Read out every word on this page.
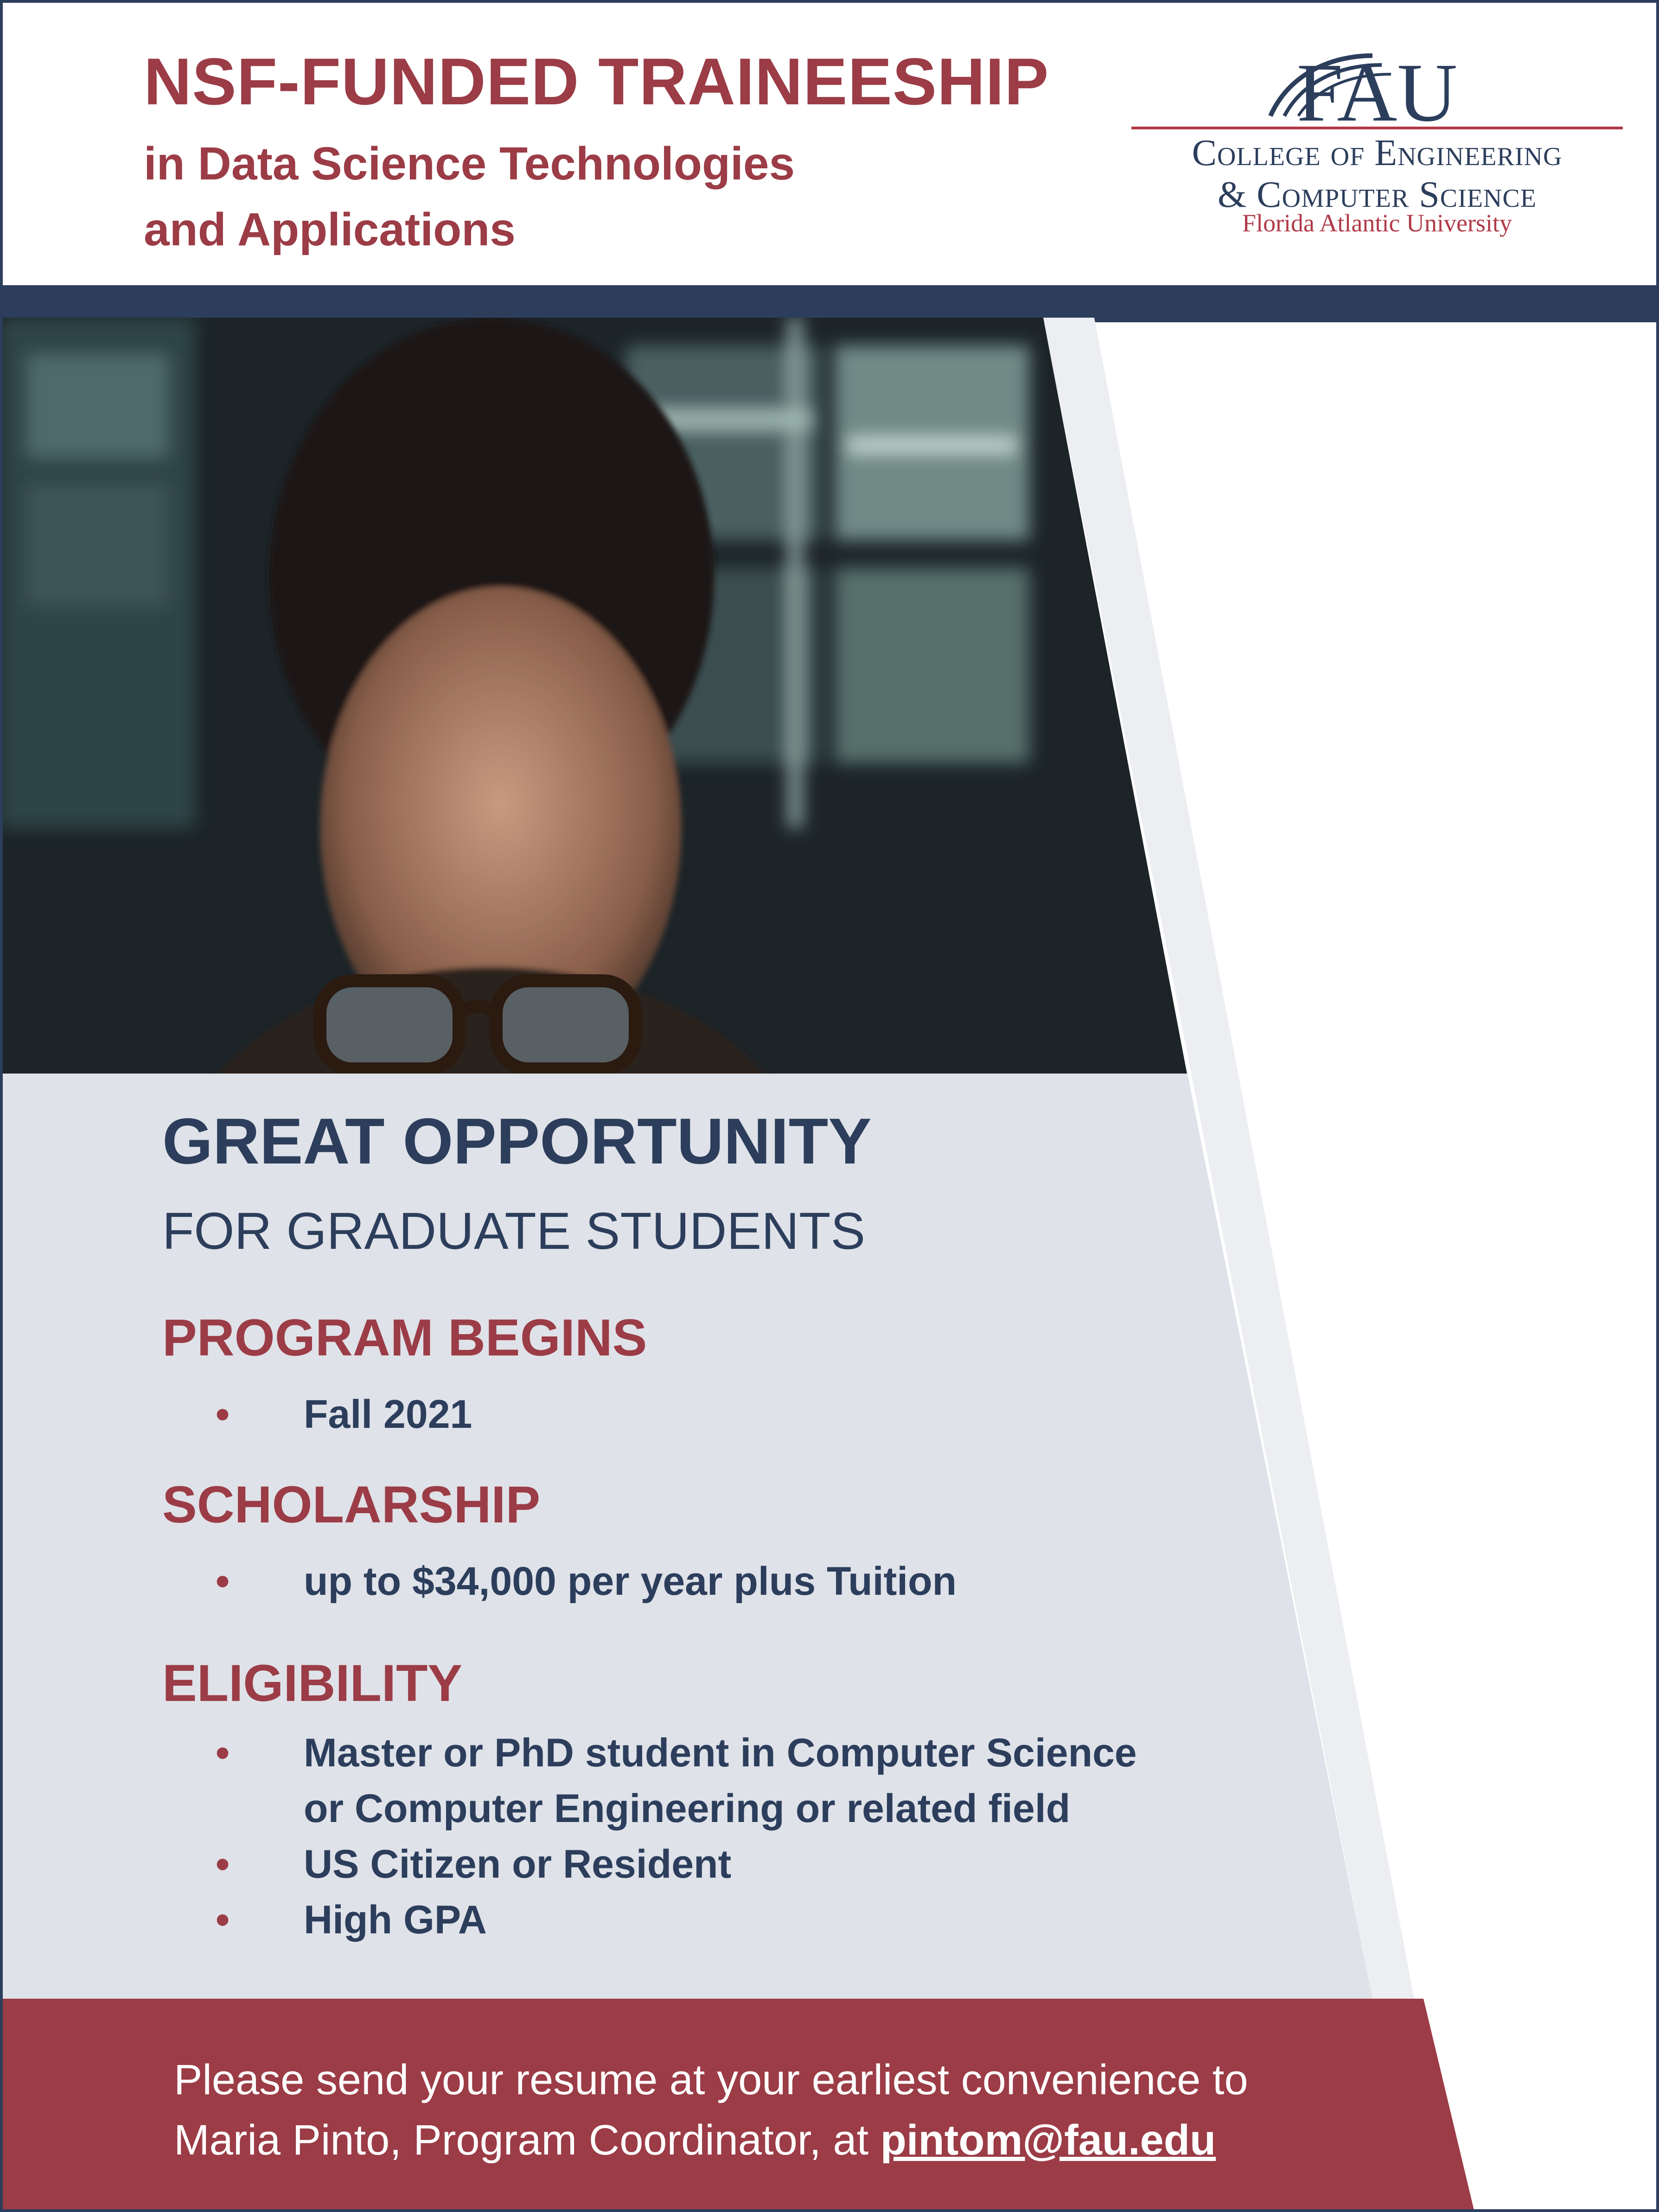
NSF-FUNDED TRAINEESHIP
in Data Science Technologies
and Applications
FAU
College of Engineering
& Computer Science
Florida Atlantic University
GREAT OPPORTUNITY

FOR GRADUATE STUDENTS

PROGRAM BEGINS
• Fall 2021
SCHOLARSHIP
• up to $34,000 per year plus Tuition
ELIGIBILITY
• Master or PhD student in Computer Science
or Computer Engineering or related field
• US Citizen or Resident
• High GPA

Please send your resume at your earliest convenience to
Maria Pinto, Program Coordinator, at pintom@fau.edu
